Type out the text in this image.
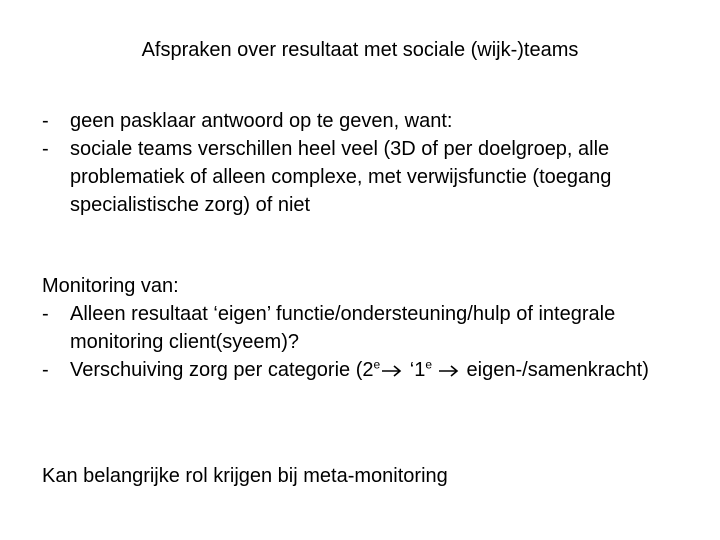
Afspraken over resultaat met sociale (wijk-)teams
- geen pasklaar antwoord op te geven, want:
- sociale teams verschillen heel veel (3D of per doelgroep, alle problematiek of alleen complexe, met verwijsfunctie (toegang specialistische zorg) of niet
Monitoring van:
- Alleen resultaat ‘eigen’ functie/ondersteuning/hulp of integrale monitoring client(syeem)?
- Verschuiving zorg per categorie (2e ‘1e eigen-/samenkracht)
Kan belangrijke rol krijgen bij meta-monitoring
